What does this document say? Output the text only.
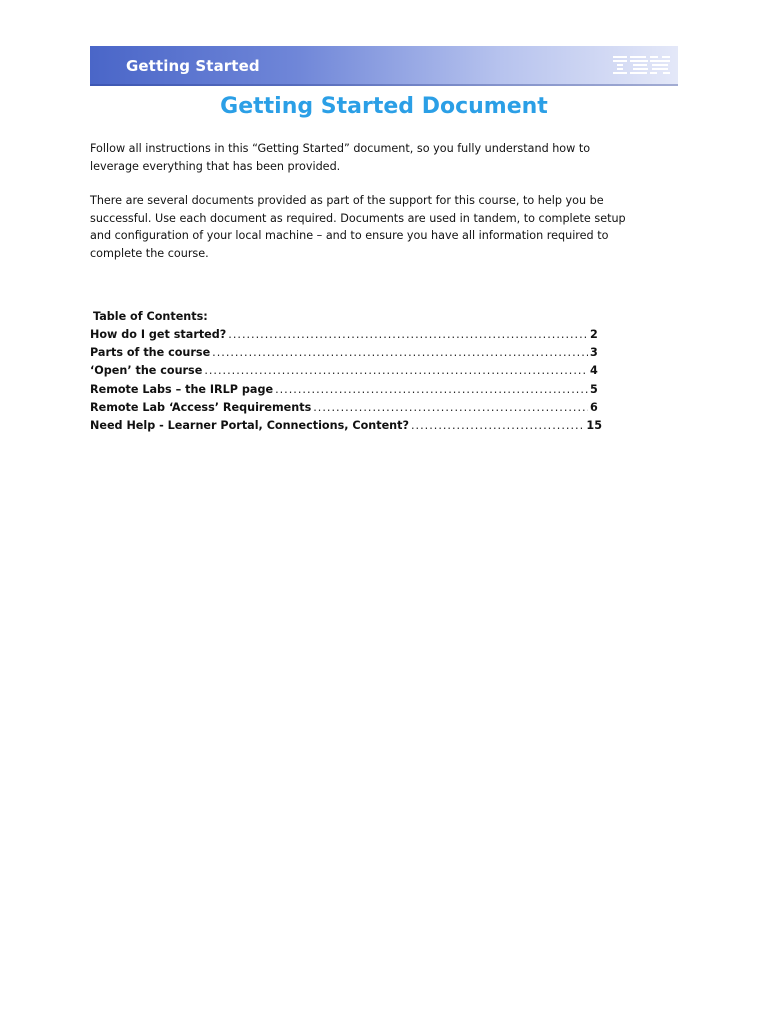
Getting Started
Getting Started Document
Follow all instructions in this “Getting Started” document, so you fully understand how to
leverage everything that has been provided.
There are several documents provided as part of the support for this course, to help you be
successful. Use each document as required. Documents are used in tandem, to complete setup
and configuration of your local machine – and to ensure you have all information required to
complete the course.
Table of Contents:
How do I get started? .....	2
Parts of the course .....	3
‘Open’ the course .....	4
Remote Labs – the IRLP page .....	5
Remote Lab ‘Access’ Requirements .....	6
Need Help - Learner Portal, Connections, Content? .....	15
